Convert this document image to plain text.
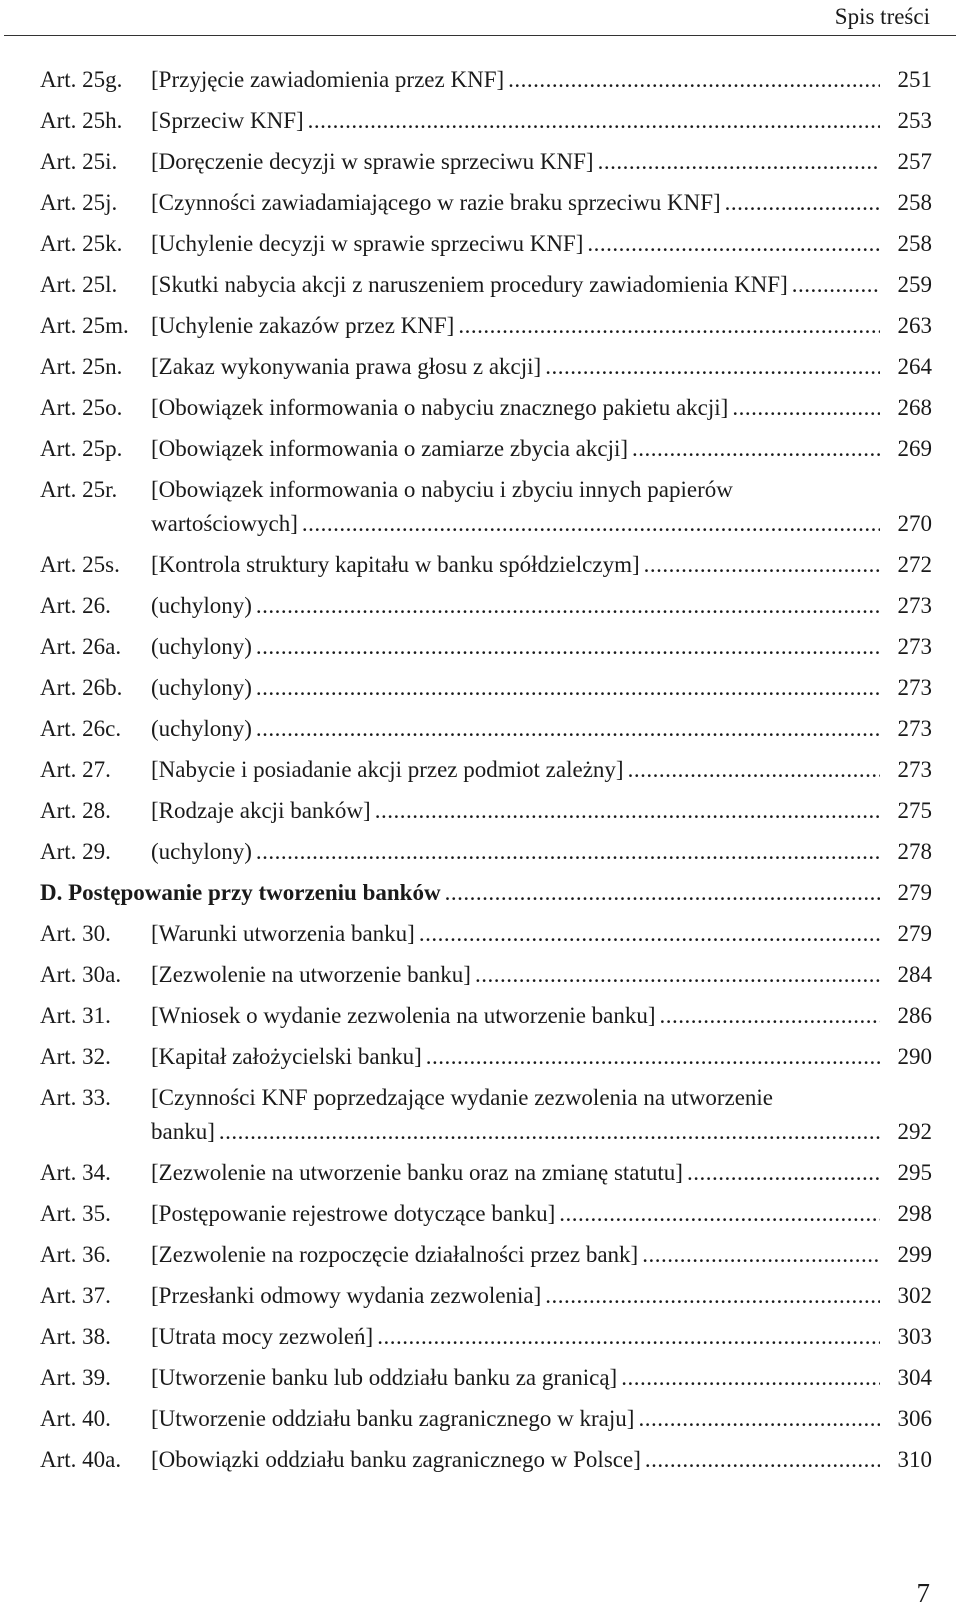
Spis treści
Art. 25g.	[Przyjęcie zawiadomienia przez KNF] .....	251
Art. 25h.	[Sprzeciw KNF] .....	253
Art. 25i.	[Doręczenie decyzji w sprawie sprzeciwu KNF] .....	257
Art. 25j.	[Czynności zawiadamiającego w razie braku sprzeciwu KNF] .....	258
Art. 25k.	[Uchylenie decyzji w sprawie sprzeciwu KNF] .....	258
Art. 25l.	[Skutki nabycia akcji z naruszeniem procedury zawiadomienia KNF] .....	259
Art. 25m. [Uchylenie zakazów przez KNF] .....	263
Art. 25n.	[Zakaz wykonywania prawa głosu z akcji] .....	264
Art. 25o.	[Obowiązek informowania o nabyciu znacznego pakietu akcji] .....	268
Art. 25p.	[Obowiązek informowania o zamiarze zbycia akcji] .....	269
Art. 25r.	[Obowiązek informowania o nabyciu i zbyciu innych papierów
wartościowych] .....	270
Art. 25s.	[Kontrola struktury kapitału w banku spółdzielczym] .....	272
Art. 26.	(uchylony) .....	273
Art. 26a.	(uchylony) .....	273
Art. 26b.	(uchylony) .....	273
Art. 26c.	(uchylony) .....	273
Art. 27.	[Nabycie i posiadanie akcji przez podmiot zależny] .....	273
Art. 28.	[Rodzaje akcji banków] .....	275
Art. 29.	(uchylony) .....	278
D. Postępowanie przy tworzeniu banków .....	279
Art. 30.	[Warunki utworzenia banku] .....	279
Art. 30a.	[Zezwolenie na utworzenie banku] .....	284
Art. 31.	[Wniosek o wydanie zezwolenia na utworzenie banku] .....	286
Art. 32.	[Kapitał założycielski banku] .....	290
Art. 33.	[Czynności KNF poprzedzające wydanie zezwolenia na utworzenie
banku] .....	292
Art. 34.	[Zezwolenie na utworzenie banku oraz na zmianę statutu] .....	295
Art. 35.	[Postępowanie rejestrowe dotyczące banku] .....	298
Art. 36.	[Zezwolenie na rozpoczęcie działalności przez bank] .....	299
Art. 37.	[Przesłanki odmowy wydania zezwolenia] .....	302
Art. 38.	[Utrata mocy zezwoleń] .....	303
Art. 39.	[Utworzenie banku lub oddziału banku za granicą] .....	304
Art. 40.	[Utworzenie oddziału banku zagranicznego w kraju] .....	306
Art. 40a.	[Obowiązki oddziału banku zagranicznego w Polsce] .....	310
7
